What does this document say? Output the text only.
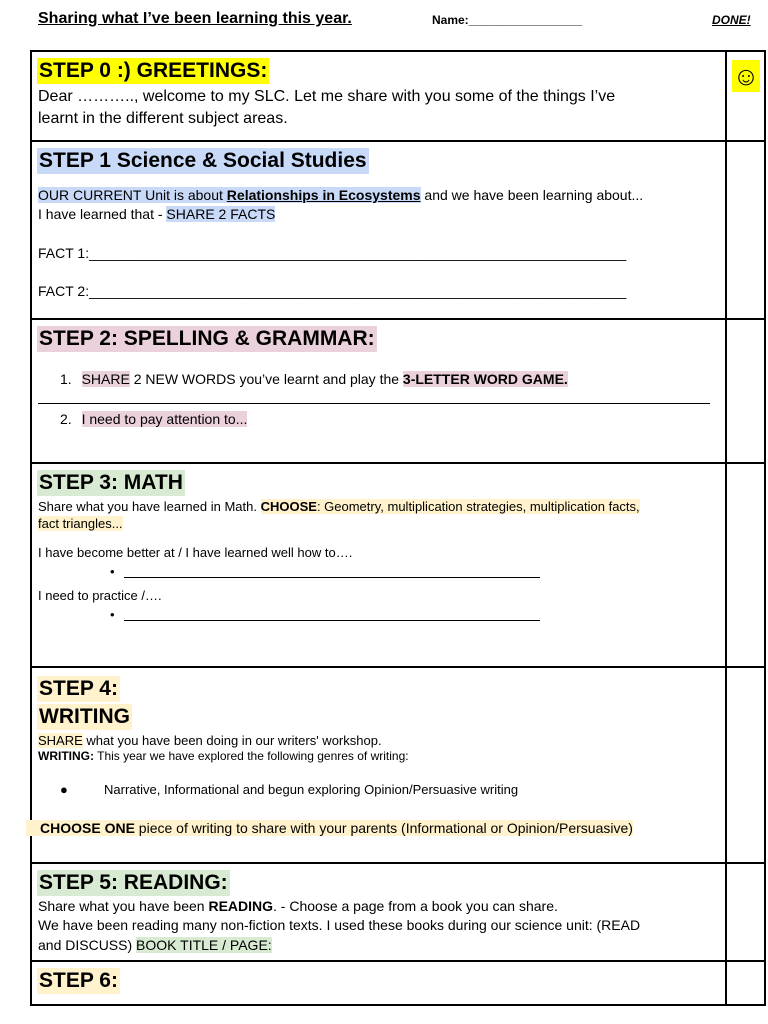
Sharing what I’ve been learning this year.	Name:_________________	DONE!
☺
STEP 0 :) GREETINGS:
Dear ……….., welcome to my SLC. Let me share with you some of the things I’ve
learnt in the different subject areas.
STEP 1 Science & Social Studies
OUR CURRENT Unit is about Relationships in Ecosystems and we have been learning about...
I have learned that - SHARE 2 FACTS
FACT 1:_____________________________________________________________________
FACT 2:_____________________________________________________________________
STEP 2: SPELLING & GRAMMAR:
1. SHARE 2 NEW WORDS you’ve learnt and play the 3-LETTER WORD GAME.
2. I need to pay attention to...
STEP 3: MATH
Share what you have learned in Math. CHOOSE: Geometry, multiplication strategies, multiplication facts,
fact triangles...
I have become better at / I have learned well how to….
•
I need to practice /….
•
STEP 4:
WRITING
SHARE what you have been doing in our writers' workshop.
WRITING: This year we have explored the following genres of writing:
●	Narrative, Informational and begun exploring Opinion/Persuasive writing
CHOOSE ONE piece of writing to share with your parents (Informational or Opinion/Persuasive)
STEP 5: READING:
Share what you have been READING. - Choose a page from a book you can share.
We have been reading many non-fiction texts. I used these books during our science unit: (READ
and DISCUSS) BOOK TITLE / PAGE:
STEP 6:
